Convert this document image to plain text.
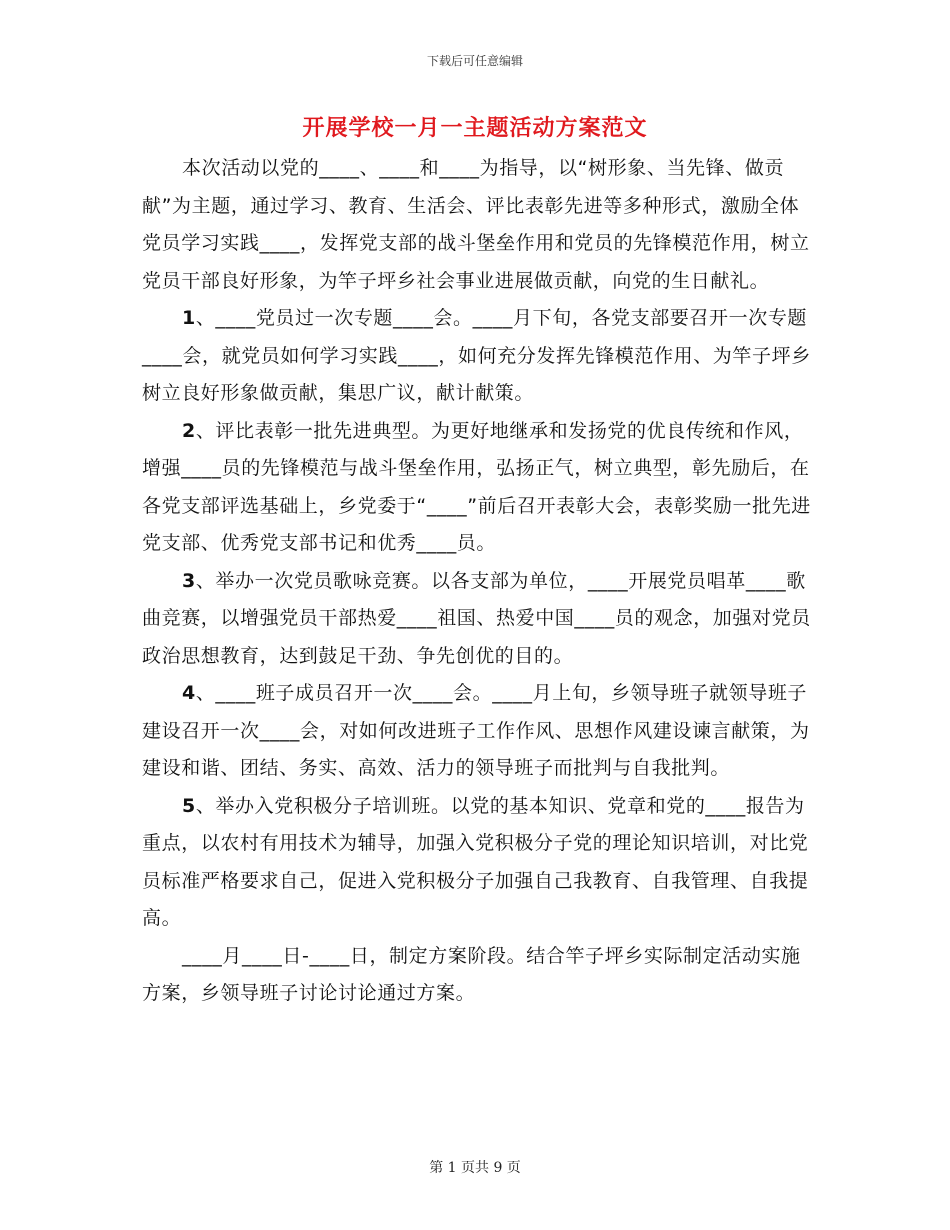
下载后可任意编辑
开展学校一月一主题活动方案范文

本次活动以党的____、____和____为指导，以“树形象、当先锋、做贡献”为主题，通过学习、教育、生活会、评比表彰先进等多种形式，激励全体党员学习实践____，发挥党支部的战斗堡垒作用和党员的先锋模范作用，树立党员干部良好形象，为竿子坪乡社会事业进展做贡献，向党的生日献礼。

1、____党员过一次专题____会。____月下旬，各党支部要召开一次专题____会，就党员如何学习实践____，如何充分发挥先锋模范作用、为竿子坪乡树立良好形象做贡献，集思广议，献计献策。

2、评比表彰一批先进典型。为更好地继承和发扬党的优良传统和作风，增强____员的先锋模范与战斗堡垒作用，弘扬正气，树立典型，彰先励后，在各党支部评选基础上，乡党委于“____”前后召开表彰大会，表彰奖励一批先进党支部、优秀党支部书记和优秀____员。

3、举办一次党员歌咏竞赛。以各支部为单位，____开展党员唱革____歌曲竞赛，以增强党员干部热爱____祖国、热爱中国____员的观念，加强对党员政治思想教育，达到鼓足干劲、争先创优的目的。

4、____班子成员召开一次____会。____月上旬，乡领导班子就领导班子建设召开一次____会，对如何改进班子工作作风、思想作风建设谏言献策，为建设和谐、团结、务实、高效、活力的领导班子而批判与自我批判。

5、举办入党积极分子培训班。以党的基本知识、党章和党的____报告为重点，以农村有用技术为辅导，加强入党积极分子党的理论知识培训，对比党员标准严格要求自己，促进入党积极分子加强自己我教育、自我管理、自我提高。

____月____日-____日，制定方案阶段。结合竿子坪乡实际制定活动实施方案，乡领导班子讨论讨论通过方案。

第 1 页共 9 页
